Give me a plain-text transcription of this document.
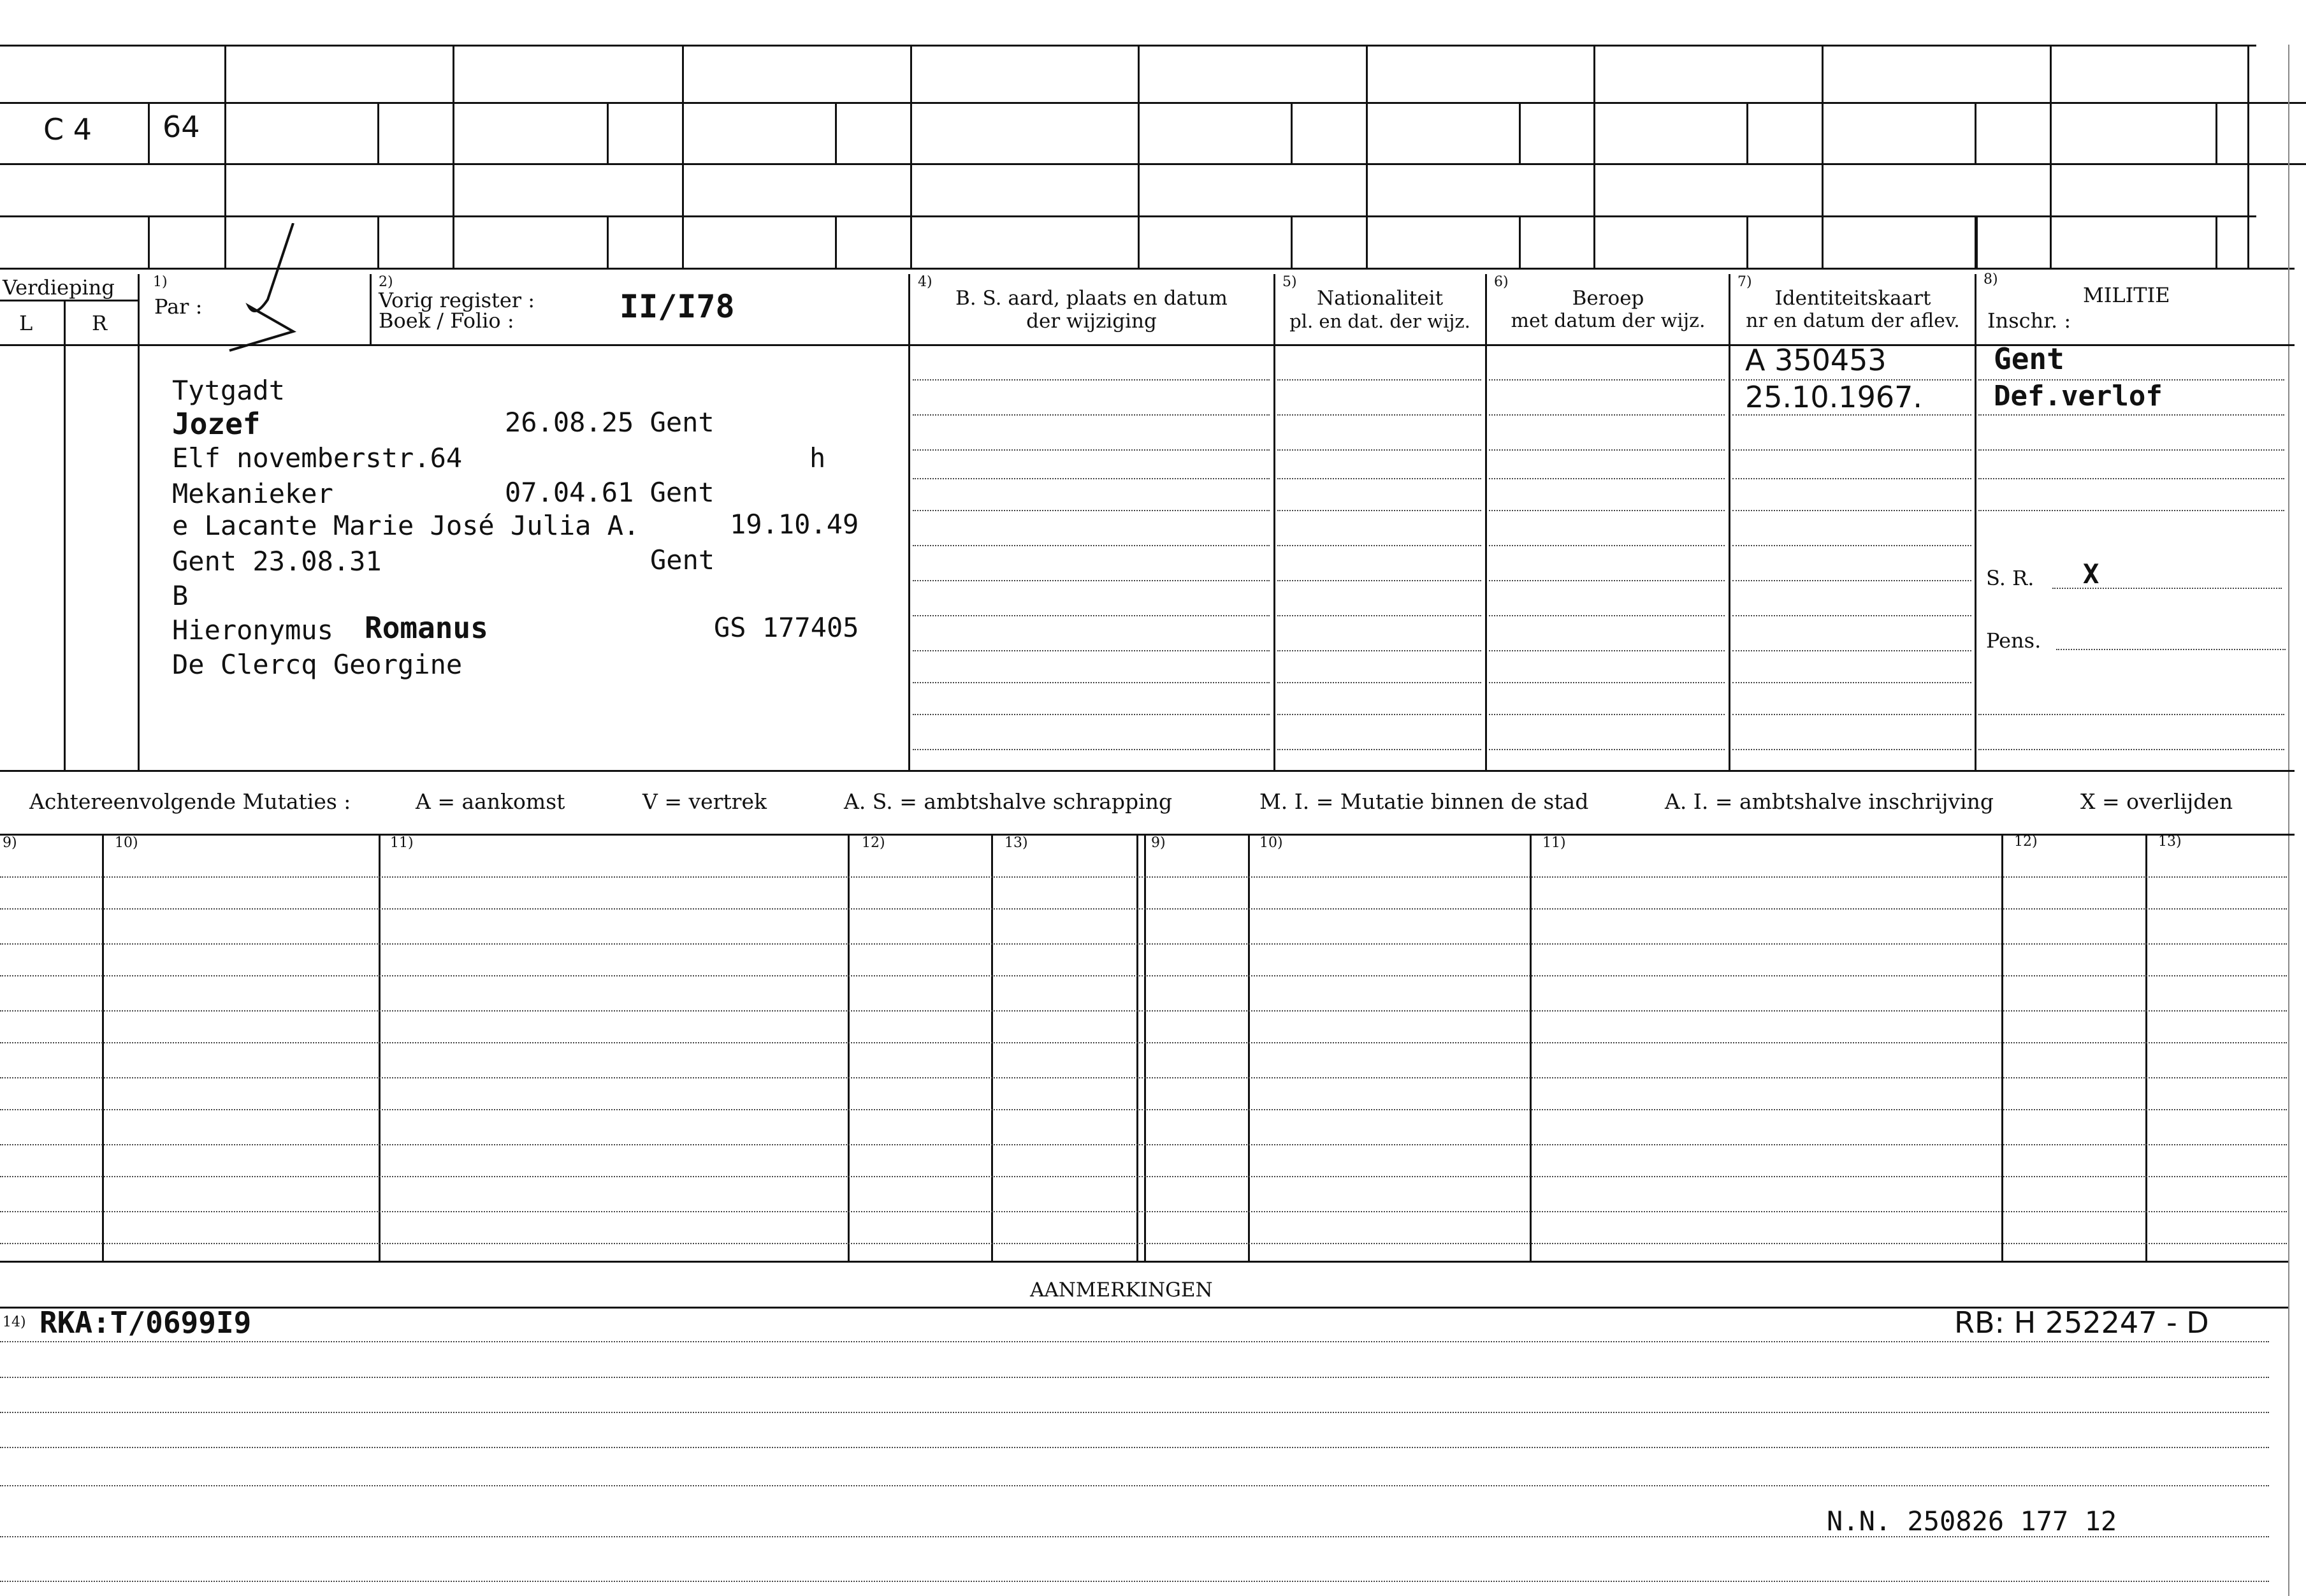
C 4 64
Verdieping
L	R
1)
Par :
2)
Vorig register :
Boek / Folio :	II/I78
4)
B. S. aard, plaats en datum
der wijziging
5)
Nationaliteit
pl. en dat. der wijz.
6)
Beroep
met datum der wijz.
7)
Identiteitskaart
nr en datum der aflev.
8)
MILITIE
Inschr. :
Tytgadt
Jozef	26.08.25 Gent
Elf novemberstr.64	h
Mekanieker	07.04.61 Gent
e Lacante Marie José Julia A.	19.10.49
Gent 23.08.31	Gent
B
Hieronymus Romanus	GS 177405
De Clercq Georgine
A 350453
25.10.1967.
Gent
Def.verlof
S. R. X
Pens.
Achtereenvolgende Mutaties :	A = aankomst	V = vertrek	A. S. = ambtshalve schrapping	M. I. = Mutatie binnen de stad	A. I. = ambtshalve inschrijving	X = overlijden
9)	10)	11)	12)	13)	9)	10)	11)	12)	13)
AANMERKINGEN
14) RKA:T/0699I9	RB: H 252247 - D
N.N. 250826 177 12
